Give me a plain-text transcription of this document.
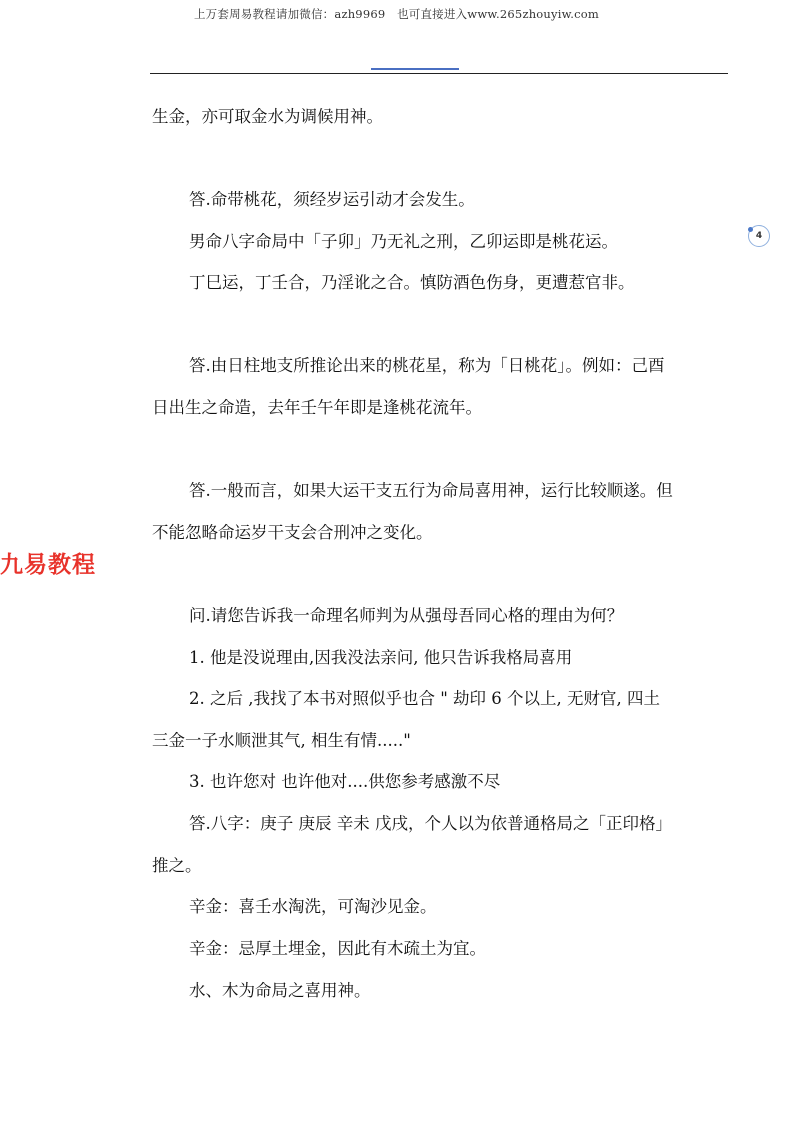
上万套周易教程请加微信：azh9969　也可直接进入www.265zhouyiw.com
4
九易教程
生金，亦可取金水为调候用神。
答.命带桃花，须经岁运引动才会发生。
男命八字命局中「子卯」乃无礼之刑，乙卯运即是桃花运。
丁巳运，丁壬合，乃淫讹之合。慎防酒色伤身，更遭惹官非。
答.由日柱地支所推论出来的桃花星，称为「日桃花」。例如：己酉
日出生之命造，去年壬午年即是逢桃花流年。
答.一般而言，如果大运干支五行为命局喜用神，运行比较顺遂。但
不能忽略命运岁干支会合刑冲之变化。
问.请您告诉我一命理名师判为从强母吾同心格的理由为何？
1. 他是没说理由,因我没法亲问, 他只告诉我格局喜用
2. 之后 ,我找了本书对照似乎也合 " 劫印 6 个以上, 无财官, 四土
三金一子水顺泄其气, 相生有情....."
3. 也许您对 也许他对....供您参考感激不尽
答.八字：庚子 庚辰 辛未 戊戌，个人以为依普通格局之「正印格」
推之。
辛金：喜壬水淘洗，可淘沙见金。
辛金：忌厚土埋金，因此有木疏土为宜。
水、木为命局之喜用神。
